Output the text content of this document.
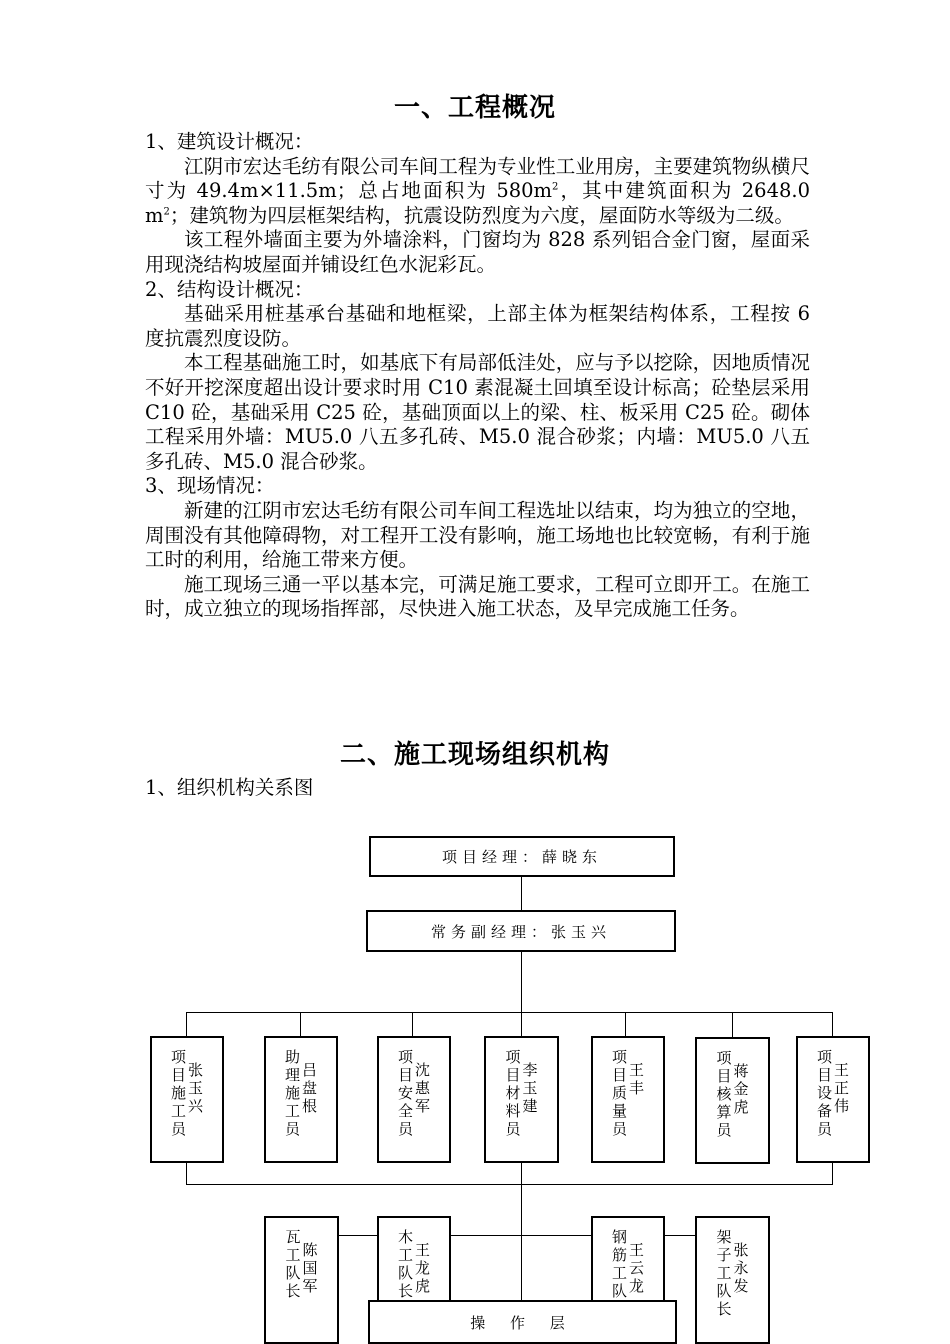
一、工程概况

1、建筑设计概况：

江阴市宏达毛纺有限公司车间工程为专业性工业用房，主要建筑物纵横尺寸为 49.4m×11.5m；总占地面积为 $580m^2$，其中建筑面积为 2648.0 $m^2$；建筑物为四层框架结构，抗震设防烈度为六度，屋面防水等级为二级。

该工程外墙面主要为外墙涂料，门窗均为 828 系列铝合金门窗，屋面采用现浇结构坡屋面并铺设红色水泥彩瓦。

2、结构设计概况：

基础采用桩基承台基础和地框梁，上部主体为框架结构体系，工程按 6 度抗震烈度设防。

本工程基础施工时，如基底下有局部低洼处，应与予以挖除，因地质情况不好开挖深度超出设计要求时用 C10 素混凝土回填至设计标高；砼垫层采用 C10 砼，基础采用 C25 砼，基础顶面以上的梁、柱、板采用 C25 砼。砌体工程采用外墙：MU5.0 八五多孔砖、M5.0 混合砂浆；内墙：MU5.0 八五多孔砖、M5.0 混合砂浆。

3、现场情况：

新建的江阴市宏达毛纺有限公司车间工程选址以结束，均为独立的空地，周围没有其他障碍物，对工程开工没有影响，施工场地也比较宽畅，有利于施工时的利用，给施工带来方便。

施工现场三通一平以基本完，可满足施工要求，工程可立即开工。在施工时，成立独立的现场指挥部，尽快进入施工状态，及早完成施工任务。

二、施工现场组织机构
1、组织机构关系图
项目经理：薛晓东
常务副经理：张玉兴
项目施工员
张玉兴
助理施工员
吕盘根
项目安全员
沈惠军
项目材料员
李玉建
项目质量员
王丰
项目核算员
蒋金虎
项目设备员
王正伟
瓦工队长
陈国军
木工队长
王龙虎
钢筋工队
王云龙
架子工队长
张永发
操 作 层
